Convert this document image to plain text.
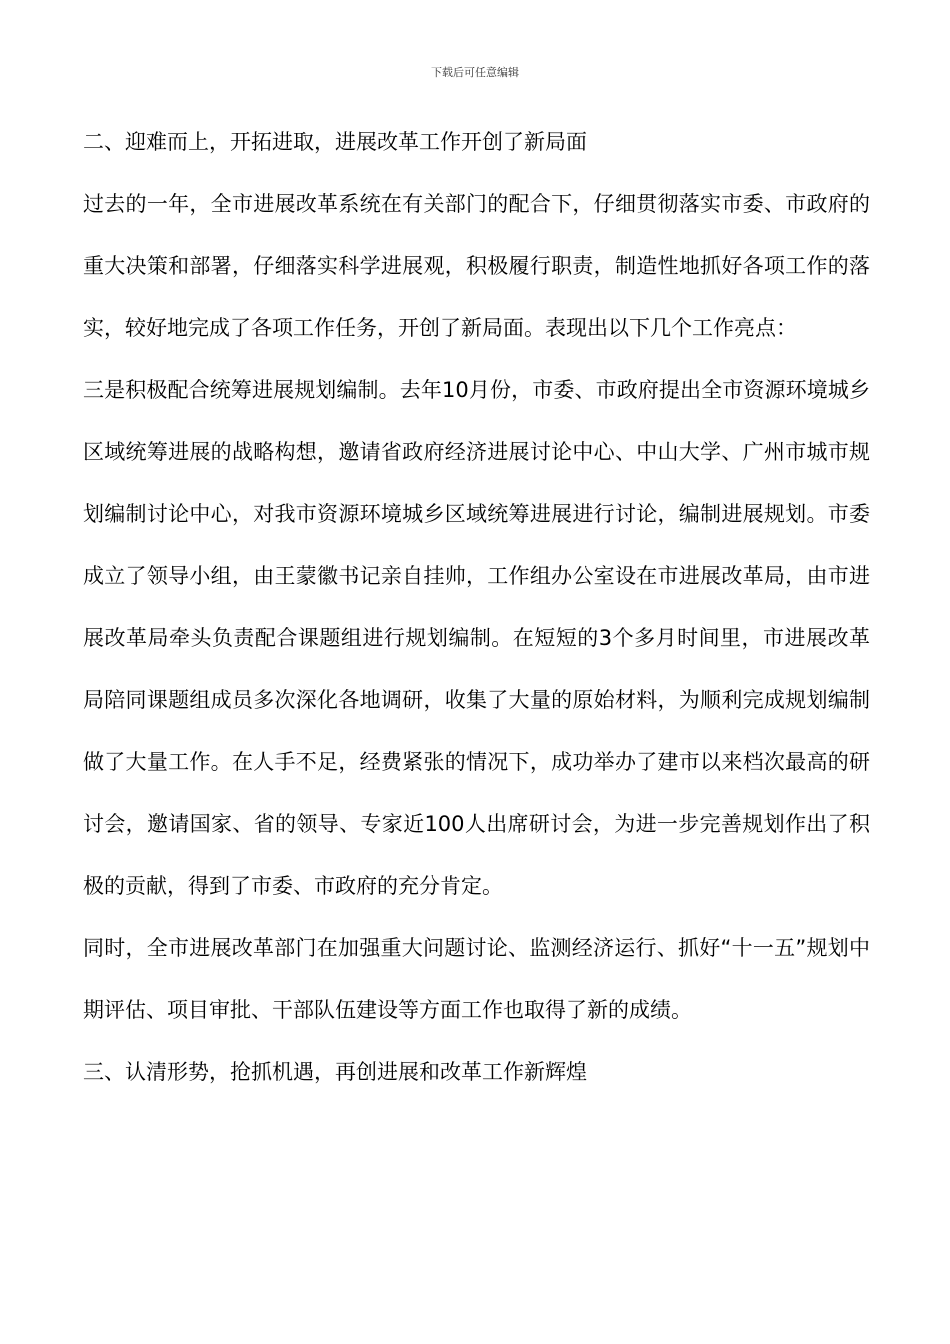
下载后可任意编辑

二、迎难而上，开拓进取，进展改革工作开创了新局面

过去的一年，全市进展改革系统在有关部门的配合下，仔细贯彻落实市委、市政府的重大决策和部署，仔细落实科学进展观，积极履行职责，制造性地抓好各项工作的落实，较好地完成了各项工作任务，开创了新局面。表现出以下几个工作亮点：

三是积极配合统筹进展规划编制。去年10月份，市委、市政府提出全市资源环境城乡区域统筹进展的战略构想，邀请省政府经济进展讨论中心、中山大学、广州市城市规划编制讨论中心，对我市资源环境城乡区域统筹进展进行讨论，编制进展规划。市委成立了领导小组，由王蒙徽书记亲自挂帅，工作组办公室设在市进展改革局，由市进展改革局牵头负责配合课题组进行规划编制。在短短的3个多月时间里，市进展改革局陪同课题组成员多次深化各地调研，收集了大量的原始材料，为顺利完成规划编制做了大量工作。在人手不足，经费紧张的情况下，成功举办了建市以来档次最高的研讨会，邀请国家、省的领导、专家近100人出席研讨会，为进一步完善规划作出了积极的贡献，得到了市委、市政府的充分肯定。

同时，全市进展改革部门在加强重大问题讨论、监测经济运行、抓好“十一五”规划中期评估、项目审批、干部队伍建设等方面工作也取得了新的成绩。

三、认清形势，抢抓机遇，再创进展和改革工作新辉煌
